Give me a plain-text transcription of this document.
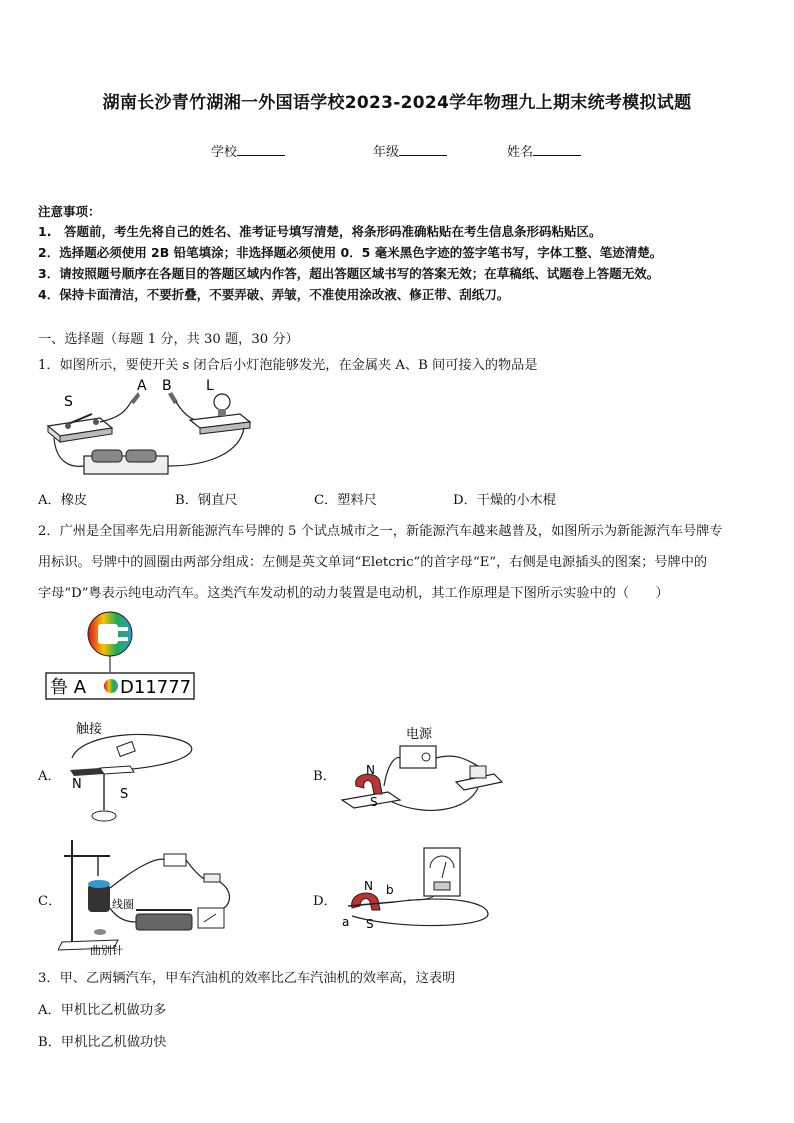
湖南长沙青竹湖湘一外国语学校2023-2024学年物理九上期末统考模拟试题
学校	年级	姓名
注意事项：
1.　答题前，考生先将自己的姓名、准考证号填写清楚，将条形码准确粘贴在考生信息条形码粘贴区。
2．选择题必须使用 2B 铅笔填涂；非选择题必须使用 0．5 毫米黑色字迹的签字笔书写，字体工整、笔迹清楚。
3．请按照题号顺序在各题目的答题区域内作答，超出答题区域书写的答案无效；在草稿纸、试题卷上答题无效。
4．保持卡面清洁，不要折叠，不要弄破、弄皱，不准使用涂改液、修正带、刮纸刀。
一、选择题（每题 1 分，共 30 题，30 分）
1．如图所示，要使开关 s 闭合后小灯泡能够发光，在金属夹 A、B 间可接入的物品是
S
A B L
A．橡皮	B．钢直尺	C．塑料尺	D．干燥的小木棍
2．广州是全国率先启用新能源汽车号牌的 5 个试点城市之一，新能源汽车越来越普及，如图所示为新能源汽车号牌专
用标识。号牌中的圆圈由两部分组成：左侧是英文单词“Eletcric”的首字母“E”，右侧是电源插头的图案；号牌中的
字母“D”粤表示纯电动汽车。这类汽车发动机的动力装置是电动机，其工作原理是下图所示实验中的（　　）
鲁 A D11777
A．
触接
N
S
B．
电源
N
S
C．	线圈
曲别针
D．
N b
a S
3．甲、乙两辆汽车，甲车汽油机的效率比乙车汽油机的效率高，这表明
A．甲机比乙机做功多
B．甲机比乙机做功快
